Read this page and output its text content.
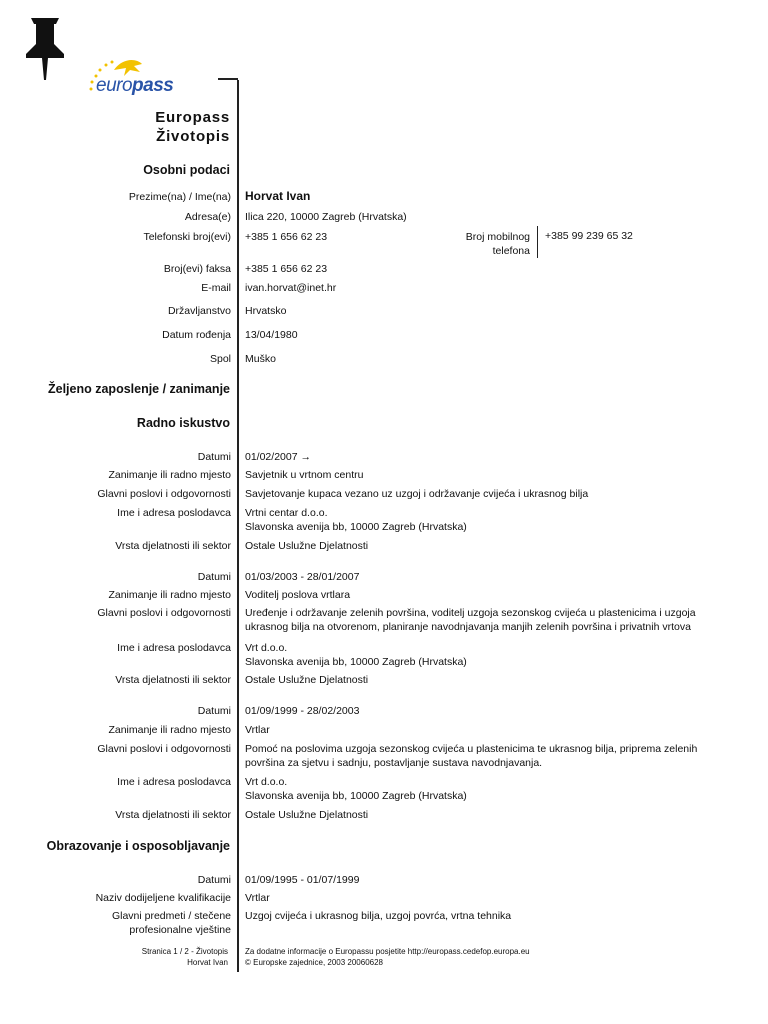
europass
Europass
Životopis
Osobni podaci
Prezime(na) / Ime(na) Horvat Ivan
Adresa(e) Ilica 220, 10000 Zagreb (Hrvatska)
Telefonski broj(evi) +385 1 656 62 23	Broj mobilnog
telefona
+385 99 239 65 32
Broj(evi) faksa +385 1 656 62 23
E-mail ivan.horvat@inet.hr
Državljanstvo Hrvatsko
Datum rođenja 13/04/1980
Spol Muško
Željeno zaposlenje / zanimanje
Radno iskustvo
Datumi 01/02/2007 →
Zanimanje ili radno mjesto Savjetnik u vrtnom centru
Glavni poslovi i odgovornosti Savjetovanje kupaca vezano uz uzgoj i održavanje cvijeća i ukrasnog bilja
Ime i adresa poslodavca Vrtni centar d.o.o.
Slavonska avenija bb, 10000 Zagreb (Hrvatska)
Vrsta djelatnosti ili sektor Ostale Uslužne Djelatnosti
Datumi 01/03/2003 - 28/01/2007
Zanimanje ili radno mjesto Voditelj poslova vrtlara
Glavni poslovi i odgovornosti Uređenje i održavanje zelenih površina, voditelj uzgoja sezonskog cvijeća u plastenicima i uzgoja
ukrasnog bilja na otvorenom, planiranje navodnjavanja manjih zelenih površina i privatnih vrtova
Ime i adresa poslodavca Vrt d.o.o.
Slavonska avenija bb, 10000 Zagreb (Hrvatska)
Vrsta djelatnosti ili sektor Ostale Uslužne Djelatnosti
Datumi 01/09/1999 - 28/02/2003
Zanimanje ili radno mjesto Vrtlar
Glavni poslovi i odgovornosti Pomoć na poslovima uzgoja sezonskog cvijeća u plastenicima te ukrasnog bilja, priprema zelenih
površina za sjetvu i sadnju, postavljanje sustava navodnjavanja.
Ime i adresa poslodavca Vrt d.o.o.
Slavonska avenija bb, 10000 Zagreb (Hrvatska)
Vrsta djelatnosti ili sektor Ostale Uslužne Djelatnosti
Obrazovanje i osposobljavanje
Datumi 01/09/1995 - 01/07/1999
Naziv dodijeljene kvalifikacije Vrtlar
Glavni predmeti / stečene
profesionalne vještine
Uzgoj cvijeća i ukrasnog bilja, uzgoj povrća, vrtna tehnika
Stranica 1 / 2 - Životopis
Horvat Ivan
Za dodatne informacije o Europassu posjetite http://europass.cedefop.europa.eu
© Europske zajednice, 2003 20060628
